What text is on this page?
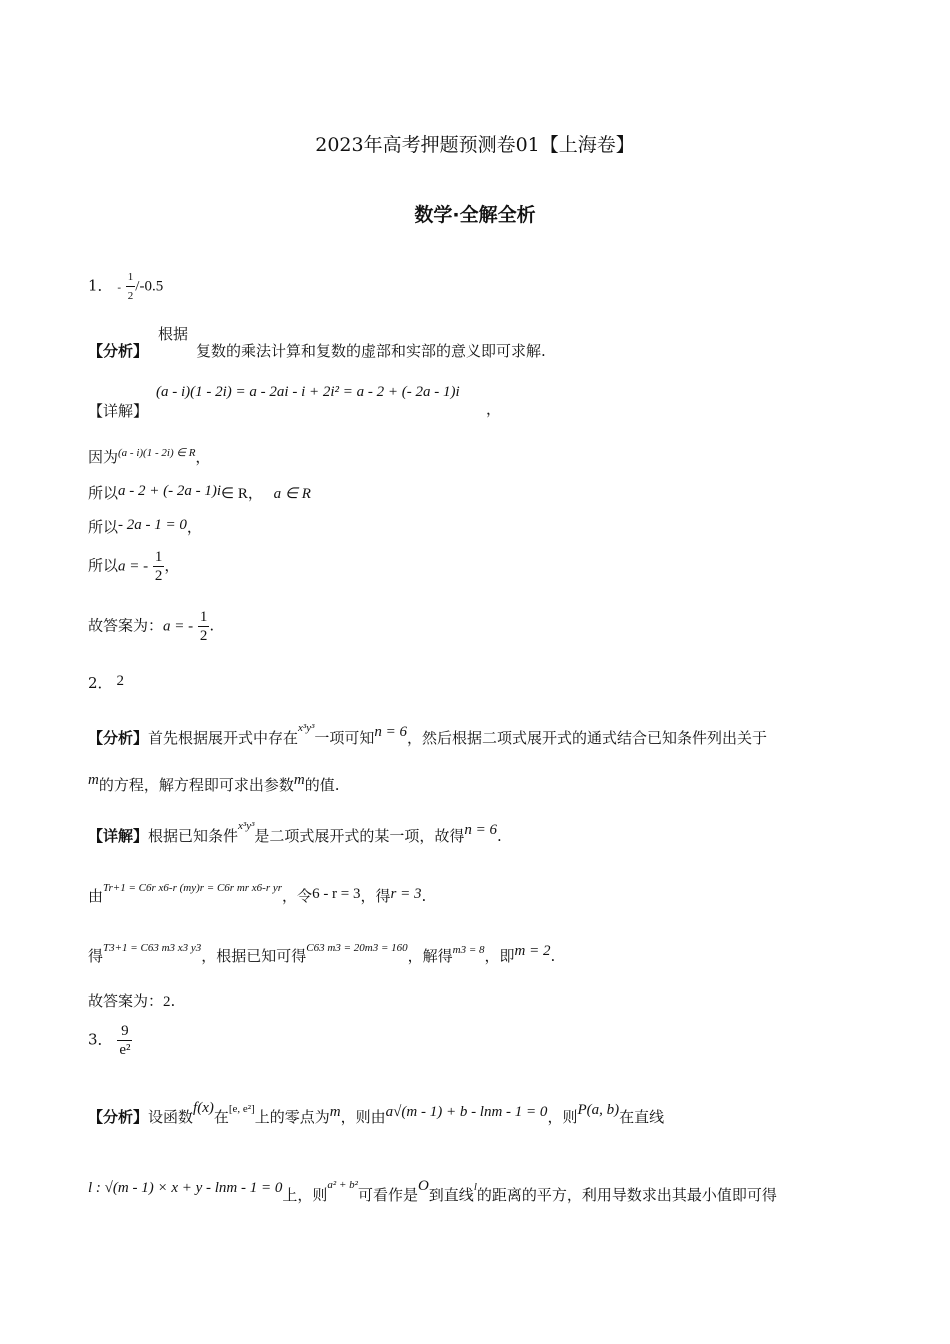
2023年高考押题预测卷01【上海卷】
数学·全解全析
1． - $\frac{1}{2} /-0.5$
根据
【分析】	复数的乘法计算和复数的虚部和实部的意义即可求解.
【详解】
(a - i)(1 - 2i) = a - 2ai - i + 2i² = a - 2 + (- 2a - 1)i
，
因为$^{(a - i)(1 - 2i) \in R}$，
所以a - 2 + (- 2a - 1)i∈ R， a ∈ R
所以- 2a - 1 = 0，
所以a = - $\frac{1}{2}$ ，
故答案为：a = - $\frac{1}{2}$ .
2． 2
【分析】首先根据展开式中存在$^{x^3y^3}$一项可知n = 6，然后根据二项式展开式的通式结合已知条件列出关于
m的方程，解方程即可求出参数m的值.
【详解】根据已知条件$^{x^3y^3}$是二项式展开式的某一项，故得n = 6.
由$^{Tr+1 = C6r x6-r (my)r = C6r mr x6-r yr}$，令6 - r = 3，得r = 3.
得$^{T3+1 = C63 m3 x3 y3}$，根据已知可得$^{C63 m3 = 20m3 = 160}$，解得$^{m3 = 8}$，即m = 2.
故答案为：2.
3． $\frac{9}{\text{e²}}$
【分析】设函数f(x)在[e, e²]上的零点为m，则由a√(m - 1) + b - lnm - 1 = 0，则P(a, b)在直线
l : √(m - 1) × x + y - lnm - 1 = 0上，则$^{a^2 + b^2}$可看作是O到直线$^l$的距离的平方，利用导数求出其最小值即可得
